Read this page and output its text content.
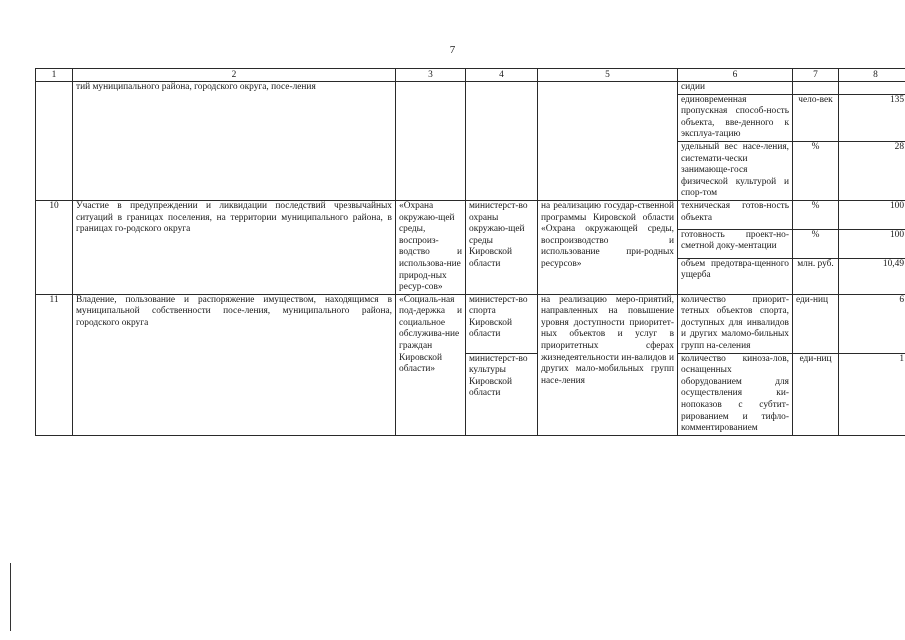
7
1	2	3	4	5	6	7	8
	тий муниципального района, городского округа, посе-ления				сидии		
					единовременная пропускная способ-ность объекта, вве-денного к эксплуа-тацию	чело-век	135
					удельный вес насе-ления, системати-чески занимающе-гося физической культурой и спор-том	%	28
10	Участие в предупреждении и ликвидации последствий чрезвычайных ситуаций в границах поселения, на территории муниципального района, в границах го-родского округа	«Охрана окружаю-щей среды, воспроиз-водство и использова-ние природ-ных ресур-сов»	министерст-во охраны окружаю-щей среды Кировской области	на реализацию государ-ственной программы Кировской области «Охрана окружающей среды, воспроизводство и использование при-родных ресурсов»	техническая готов-ность объекта	%	100
					готовность проект-но-сметной доку-ментации	%	100
					объем предотвра-щенного ущерба	млн. руб.	10,49
11	Владение, пользование и распоряжение имуществом, находящимся в муниципальной собственности посе-ления, муниципального района, городского округа	«Социаль-ная под-держка и социальное обслужива-ние граждан Кировской области»	министерст-во спорта Кировской области	на реализацию меро-приятий, направленных на повышение уровня доступности приоритет-ных объектов и услуг в приоритетных сферах жизнедеятельности ин-валидов и других мало-мобильных групп насе-ления	количество приорит-тетных объектов спорта, доступных для инвалидов и других маломо-бильных групп на-селения	еди-ниц	6
			министерст-во культуры Кировской области		количество кинозa-лов, оснащенных оборудованием для осуществления ки-нопоказов с субтит-рированием и тифло-комментированием	еди-ниц	1
